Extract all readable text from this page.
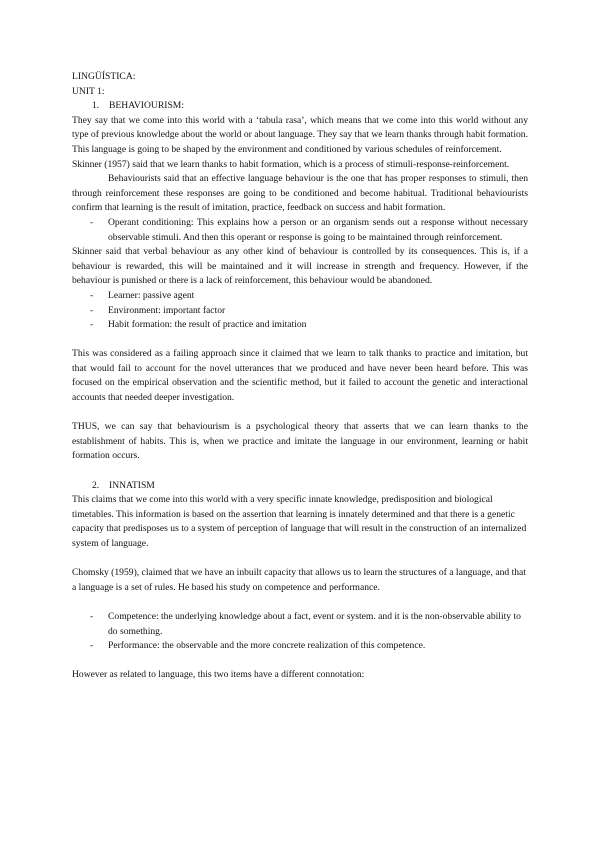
LINGÜÍSTICA:

UNIT 1:

1. BEHAVIOURISM:

They say that we come into this world with a ‘tabula rasa’, which means that we come into this world without any type of previous knowledge about the world or about language. They say that we learn thanks through habit formation. This language is going to be shaped by the environment and conditioned by various schedules of reinforcement.

Skinner (1957) said that we learn thanks to habit formation, which is a process of stimuli-response-reinforcement.

Behaviourists said that an effective language behaviour is the one that has proper responses to stimuli, then through reinforcement these responses are going to be conditioned and become habitual. Traditional behaviourists confirm that learning is the result of imitation, practice, feedback on success and habit formation.

- Operant conditioning: This explains how a person or an organism sends out a response without necessary observable stimuli. And then this operant or response is going to be maintained through reinforcement.

Skinner said that verbal behaviour as any other kind of behaviour is controlled by its consequences. This is, if a behaviour is rewarded, this will be maintained and it will increase in strength and frequency. However, if the behaviour is punished or there is a lack of reinforcement, this behaviour would be abandoned.

- Learner: passive agent
- Environment: important factor
- Habit formation: the result of practice and imitation

This was considered as a failing approach since it claimed that we learn to talk thanks to practice and imitation, but that would fail to account for the novel utterances that we produced and have never been heard before. This was focused on the empirical observation and the scientific method, but it failed to account the genetic and interactional accounts that needed deeper investigation.

THUS, we can say that behaviourism is a psychological theory that asserts that we can learn thanks to the establishment of habits. This is, when we practice and imitate the language in our environment, learning or habit formation occurs.

2. INNATISM

This claims that we come into this world with a very specific innate knowledge, predisposition and biological timetables. This information is based on the assertion that learning is innately determined and that there is a genetic capacity that predisposes us to a system of perception of language that will result in the construction of an internalized system of language.

Chomsky (1959), claimed that we have an inbuilt capacity that allows us to learn the structures of a language, and that a language is a set of rules. He based his study on competence and performance.

- Competence: the underlying knowledge about a fact, event or system. and it is the non-observable ability to do something.
- Performance: the observable and the more concrete realization of this competence.

However as related to language, this two items have a different connotation:
